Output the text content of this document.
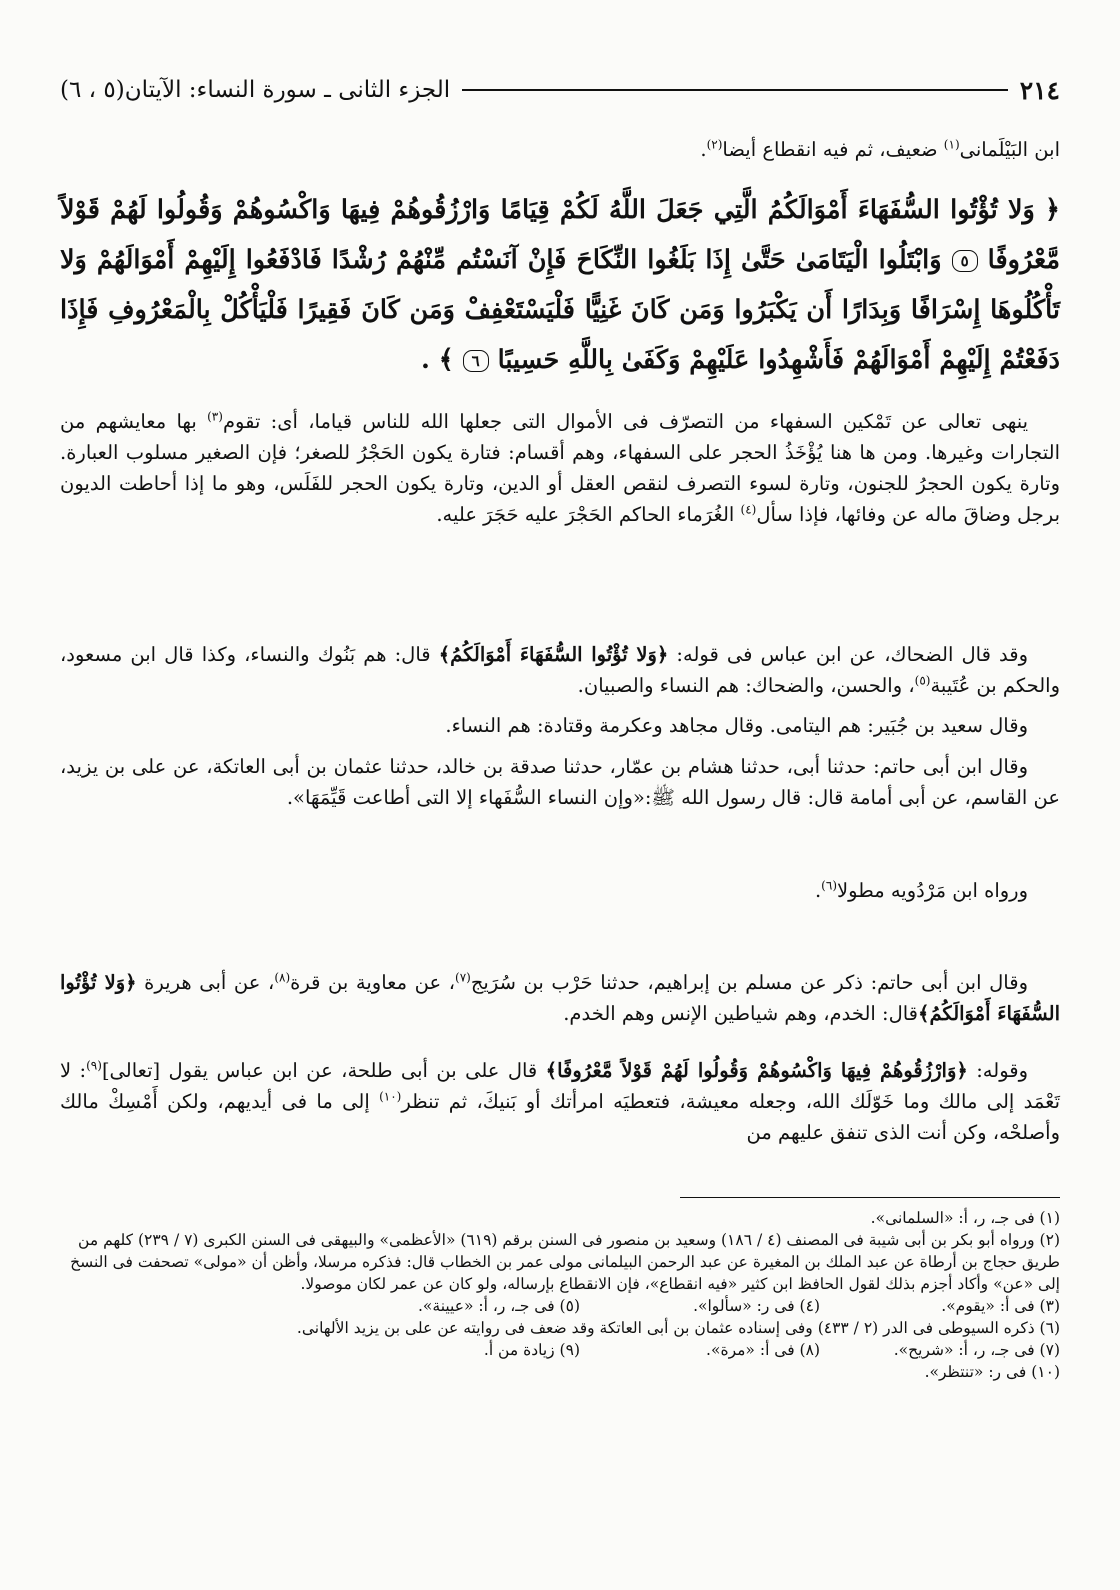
٢١٤
الجزء الثانى ـ سورة النساء: الآيتان(٥ ، ٦)
ابن البَيْلَمانى$^{(١)}$ ضعيف، ثم فيه انقطاع أيضا$^{(٢)}$.
﴿ وَلا تُؤْتُوا السُّفَهَاءَ أَمْوَالَكُمُ الَّتِي جَعَلَ اللَّهُ لَكُمْ قِيَامًا وَارْزُقُوهُمْ فِيهَا وَاكْسُوهُمْ وَقُولُوا لَهُمْ قَوْلاً مَّعْرُوفًا ٥ وَابْتَلُوا الْيَتَامَىٰ حَتَّىٰ إِذَا بَلَغُوا النِّكَاحَ فَإِنْ آنَسْتُم مِّنْهُمْ رُشْدًا فَادْفَعُوا إِلَيْهِمْ أَمْوَالَهُمْ وَلا تَأْكُلُوهَا إِسْرَافًا وَبِدَارًا أَن يَكْبَرُوا وَمَن كَانَ غَنِيًّا فَلْيَسْتَعْفِفْ وَمَن كَانَ فَقِيرًا فَلْيَأْكُلْ بِالْمَعْرُوفِ فَإِذَا دَفَعْتُمْ إِلَيْهِمْ أَمْوَالَهُمْ فَأَشْهِدُوا عَلَيْهِمْ وَكَفَىٰ بِاللَّهِ حَسِيبًا ٦ ﴾ .
ينهى تعالى عن تَمْكين السفهاء من التصرّف فى الأموال التى جعلها الله للناس قياما، أى: تقوم$^{(٣)}$ بها معايشهم من التجارات وغيرها. ومن ها هنا يُؤْخَذُ الحجر على السفهاء، وهم أقسام: فتارة يكون الحَجْرُ للصغر؛ فإن الصغير مسلوب العبارة. وتارة يكون الحجرُ للجنون، وتارة لسوء التصرف لنقص العقل أو الدين، وتارة يكون الحجر للفَلَس، وهو ما إذا أحاطت الديون برجل وضاقَ ماله عن وفائها، فإذا سأل$^{(٤)}$ الغُرَماء الحاكم الحَجْرَ عليه حَجَرَ عليه.
وقد قال الضحاك، عن ابن عباس فى قوله: ﴿وَلا تُؤْتُوا السُّفَهَاءَ أَمْوَالَكُمُ﴾ قال: هم بَنُوك والنساء، وكذا قال ابن مسعود، والحكم بن عُتَيبة$^{(٥)}$، والحسن، والضحاك: هم النساء والصبيان.
وقال سعيد بن جُبَير: هم اليتامى. وقال مجاهد وعكرمة وقتادة: هم النساء.
وقال ابن أبى حاتم: حدثنا أبى، حدثنا هشام بن عمّار، حدثنا صدقة بن خالد، حدثنا عثمان بن أبى العاتكة، عن على بن يزيد، عن القاسم، عن أبى أمامة قال: قال رسول الله ﷺ:«وإن النساء السُّفَهاء إلا التى أطاعت قَيِّمَهَا».
ورواه ابن مَرْدُويه مطولا$^{(٦)}$.
وقال ابن أبى حاتم: ذكر عن مسلم بن إبراهيم، حدثنا حَرْب بن سُرَيج$^{(٧)}$، عن معاوية بن قرة$^{(٨)}$، عن أبى هريرة ﴿وَلا تُؤْتُوا السُّفَهَاءَ أَمْوَالَكُمُ﴾قال: الخدم، وهم شياطين الإنس وهم الخدم.
وقوله: ﴿وَارْزُقُوهُمْ فِيهَا وَاكْسُوهُمْ وَقُولُوا لَهُمْ قَوْلاً مَّعْرُوفًا﴾ قال على بن أبى طلحة، عن ابن عباس يقول [تعالى]$^{(٩)}$: لا تَعْمَد إلى مالك وما خَوّلَك الله، وجعله معيشة، فتعطيَه امرأتك أو بَنيكَ، ثم تنظر$^{(١٠)}$ إلى ما فى أيديهم، ولكن أَمْسِكْ مالك وأصلحْه، وكن أنت الذى تنفق عليهم من
(١) فى جـ، ر، أ: «السلمانى».
(٢) ورواه أبو بكر بن أبى شيبة فى المصنف (٤ / ١٨٦) وسعيد بن منصور فى السنن برقم (٦١٩) «الأعظمى» والبيهقى فى السنن الكبرى (٧ / ٢٣٩) كلهم من طريق حجاج بن أرطاة عن عبد الملك بن المغيرة عن عبد الرحمن البيلمانى مولى عمر بن الخطاب قال: فذكره مرسلا، وأظن أن «مولى» تصحفت فى النسخ إلى «عن» وأكاد أجزم بذلك لقول الحافظ ابن كثير «فيه انقطاع»، فإن الانقطاع بإرساله، ولو كان عن عمر لكان موصولا.
(٣) فى أ: «يقوم».
(٤) فى ر: «سألوا».
(٥) فى جـ، ر، أ: «عيينة».
(٦) ذكره السيوطى فى الدر (٢ / ٤٣٣) وفى إسناده عثمان بن أبى العاتكة وقد ضعف فى روايته عن على بن يزيد الألهانى.
(٧) فى جـ، ر، أ: «شريح».
(٨) فى أ: «مرة».
(٩) زيادة من أ.
(١٠) فى ر: «تنتظر».
